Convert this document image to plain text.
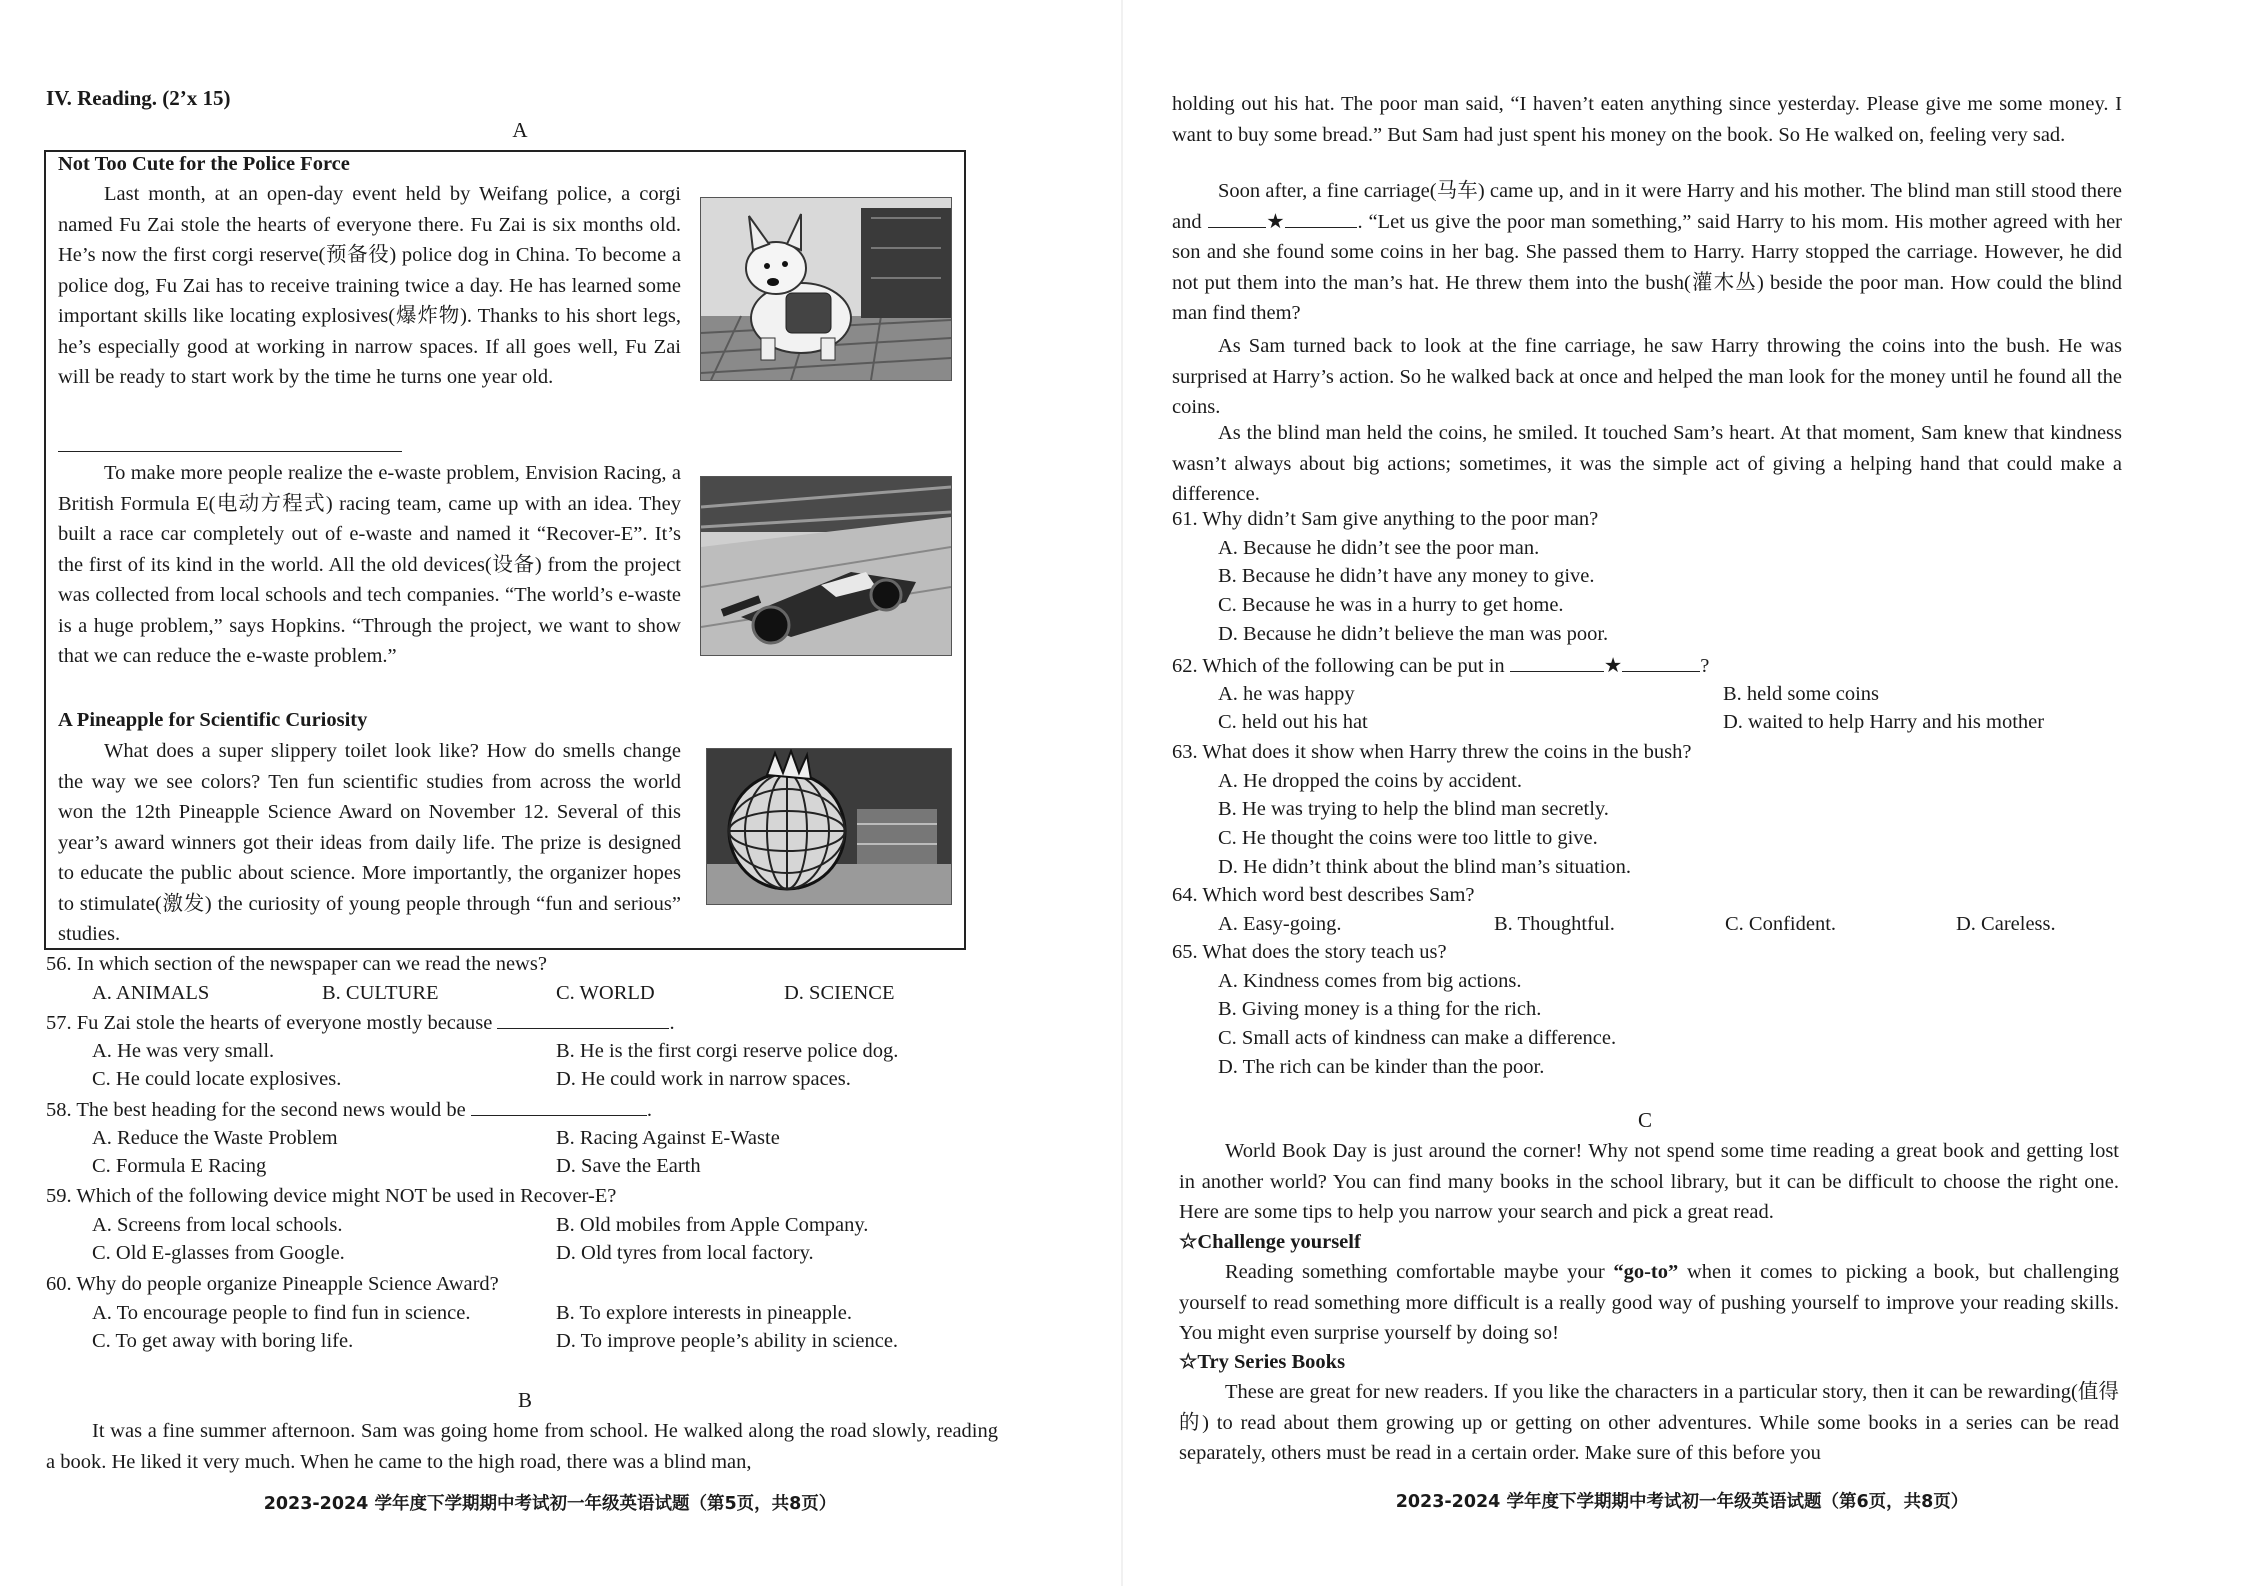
IV. Reading. (2’x 15)
A
Not Too Cute for the Police Force

Last month, at an open-day event held by Weifang police, a corgi named Fu Zai stole the hearts of everyone there. Fu Zai is six months old. He’s now the first corgi reserve(预备役) police dog in China. To become a police dog, Fu Zai has to receive training twice a day. He has learned some important skills like locating explosives(爆炸物). Thanks to his short legs, he’s especially good at working in narrow spaces. If all goes well, Fu Zai will be ready to start work by the time he turns one year old.

To make more people realize the e-waste problem, Envision Racing, a British Formula E(电动方程式) racing team, came up with an idea. They built a race car completely out of e-waste and named it “Recover-E”. It’s the first of its kind in the world. All the old devices(设备) from the project was collected from local schools and tech companies. “The world’s e-waste is a huge problem,” says Hopkins. “Through the project, we want to show that we can reduce the e-waste problem.”

A Pineapple for Scientific Curiosity

What does a super slippery toilet look like? How do smells change the way we see colors? Ten fun scientific studies from across the world won the 12th Pineapple Science Award on November 12. Several of this year’s award winners got their ideas from daily life. The prize is designed to educate the public about science. More importantly, the organizer hopes to stimulate(激发) the curiosity of young people through “fun and serious” studies.

56. In which section of the newspaper can we read the news?
A. ANIMALS	B. CULTURE	C. WORLD	D. SCIENCE
57. Fu Zai stole the hearts of everyone mostly because	.
A. He was very small.	B. He is the first corgi reserve police dog.
C. He could locate explosives.	D. He could work in narrow spaces.
58. The best heading for the second news would be	.
A. Reduce the Waste Problem	B. Racing Against E-Waste
C. Formula E Racing	D. Save the Earth
59. Which of the following device might NOT be used in Recover-E?
A. Screens from local schools.	B. Old mobiles from Apple Company.
C. Old E-glasses from Google.	D. Old tyres from local factory.
60. Why do people organize Pineapple Science Award?
A. To encourage people to find fun in science.	B. To explore interests in pineapple.
C. To get away with boring life.	D. To improve people’s ability in science.
B

It was a fine summer afternoon. Sam was going home from school. He walked along the road slowly, reading a book. He liked it very much. When he came to the high road, there was a blind man,

2023-2024 学年度下学期期中考试初一年级英语试题（第5页，共8页）

holding out his hat. The poor man said, “I haven’t eaten anything since yesterday. Please give me some money. I want to buy some bread.” But Sam had just spent his money on the book. So He walked on, feeling very sad.

Soon after, a fine carriage(马车) came up, and in it were Harry and his mother. The blind man still stood there and	★	. “Let us give the poor man something,” said Harry to his mom. His mother agreed with her son and she found some coins in her bag. She passed them to Harry. Harry stopped the carriage. However, he did not put them into the man’s hat. He threw them into the bush(灌木丛) beside the poor man. How could the blind man find them?

As Sam turned back to look at the fine carriage, he saw Harry throwing the coins into the bush. He was surprised at Harry’s action. So he walked back at once and helped the man look for the money until he found all the coins.

As the blind man held the coins, he smiled. It touched Sam’s heart. At that moment, Sam knew that kindness wasn’t always about big actions; sometimes, it was the simple act of giving a helping hand that could make a difference.

61. Why didn’t Sam give anything to the poor man?
A. Because he didn’t see the poor man.
B. Because he didn’t have any money to give.
C. Because he was in a hurry to get home.
D. Because he didn’t believe the man was poor.
62. Which of the following can be put in	★	?
A. he was happy	B. held some coins
C. held out his hat	D. waited to help Harry and his mother
63. What does it show when Harry threw the coins in the bush?
A. He dropped the coins by accident.
B. He was trying to help the blind man secretly.
C. He thought the coins were too little to give.
D. He didn’t think about the blind man’s situation.
64. Which word best describes Sam?
A. Easy-going.	B. Thoughtful.	C. Confident.	D. Careless.
65. What does the story teach us?
A. Kindness comes from big actions.
B. Giving money is a thing for the rich.
C. Small acts of kindness can make a difference.
D. The rich can be kinder than the poor.
C

World Book Day is just around the corner! Why not spend some time reading a great book and getting lost in another world? You can find many books in the school library, but it can be difficult to choose the right one. Here are some tips to help you narrow your search and pick a great read.

☆Challenge yourself

Reading something comfortable maybe your “go-to” when it comes to picking a book, but challenging yourself to read something more difficult is a really good way of pushing yourself to improve your reading skills. You might even surprise yourself by doing so!

☆Try Series Books

These are great for new readers. If you like the characters in a particular story, then it can be rewarding(值得的) to read about them growing up or getting on other adventures. While some books in a series can be read separately, others must be read in a certain order. Make sure of this before you

2023-2024 学年度下学期期中考试初一年级英语试题（第6页，共8页）
